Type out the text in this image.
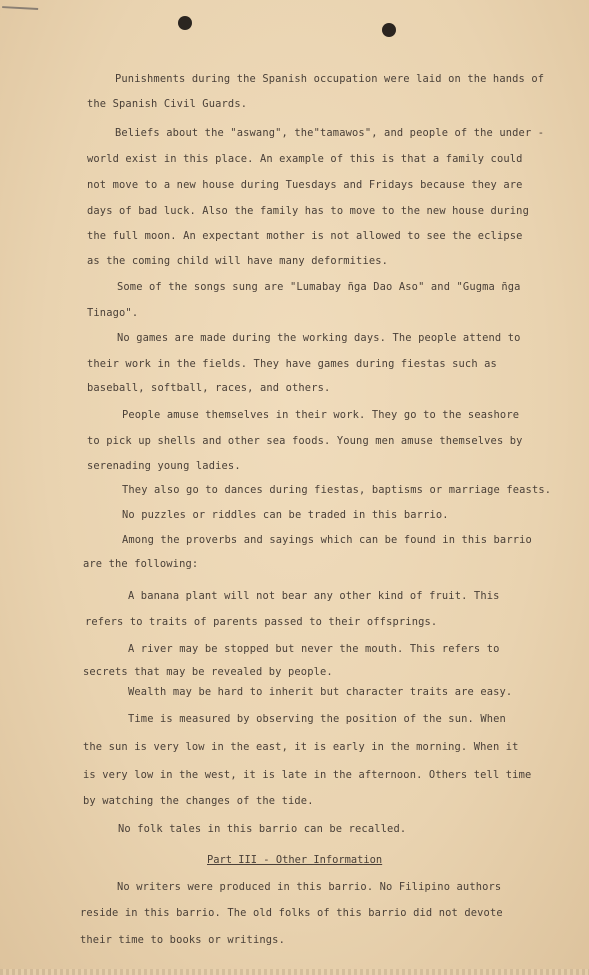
Punishments during the Spanish occupation were laid on the hands of
the Spanish Civil Guards.
Beliefs about the "aswang", the"tamawos", and people of the under -
world exist in this place. An example of this is that a family could
not move to a new house during Tuesdays and Fridays because they are
days of bad luck. Also the family has to move to the new house during
the full moon. An expectant mother is not allowed to see the eclipse
as the coming child will have many deformities.
Some of the songs sung are "Lumabay ñga Dao Aso" and "Gugma ñga
Tinago".
No games are made during the working days. The people attend to
their work in the fields. They have games during fiestas such as
baseball, softball, races, and others.
People amuse themselves in their work. They go to the seashore
to pick up shells and other sea foods. Young men amuse themselves by
serenading young ladies.
They also go to dances during fiestas, baptisms or marriage feasts.
No puzzles or riddles can be traded in this barrio.
Among the proverbs and sayings which can be found in this barrio
are the following:
A banana plant will not bear any other kind of fruit. This
refers to traits of parents passed to their offsprings.
A river may be stopped but never the mouth. This refers to
secrets that may be revealed by people.
Wealth may be hard to inherit but character traits are easy.
Time is measured by observing the position of the sun. When
the sun is very low in the east, it is early in the morning. When it
is very low in the west, it is late in the afternoon. Others tell time
by watching the changes of the tide.
No folk tales in this barrio can be recalled.
Part III - Other Information
No writers were produced in this barrio. No Filipino authors
reside in this barrio. The old folks of this barrio did not devote
their time to books or writings.
